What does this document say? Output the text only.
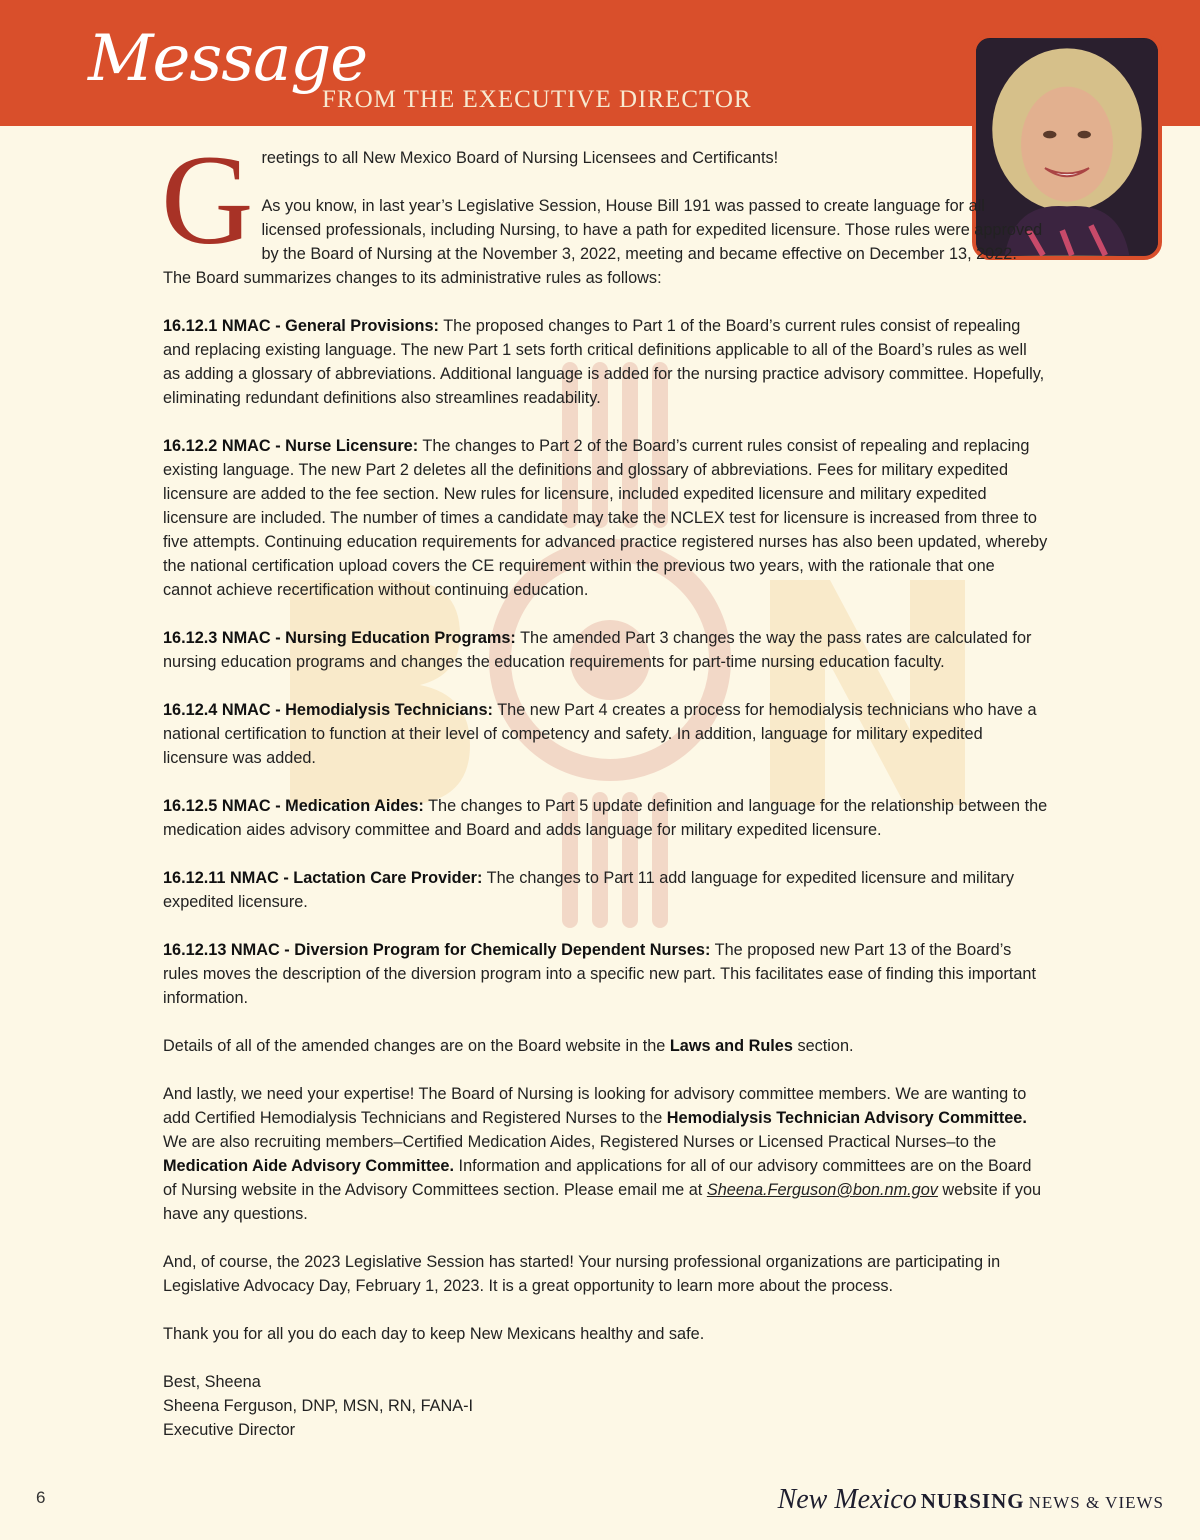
Message
FROM THE EXECUTIVE DIRECTOR
G reetings to all New Mexico Board of Nursing Licensees and Certificants!

As you know, in last year’s Legislative Session, House Bill 191 was passed to create language for all licensed professionals, including Nursing, to have a path for expedited licensure. Those rules were approved by the Board of Nursing at the November 3, 2022, meeting and became effective on December 13, 2022. The Board summarizes changes to its administrative rules as follows:

16.12.1 NMAC - General Provisions: The proposed changes to Part 1 of the Board’s current rules consist of repealing and replacing existing language. The new Part 1 sets forth critical definitions applicable to all of the Board’s rules as well as adding a glossary of abbreviations. Additional language is added for the nursing practice advisory committee. Hopefully, eliminating redundant definitions also streamlines readability.

16.12.2 NMAC - Nurse Licensure: The changes to Part 2 of the Board’s current rules consist of repealing and replacing existing language. The new Part 2 deletes all the definitions and glossary of abbreviations. Fees for military expedited licensure are added to the fee section. New rules for licensure, included expedited licensure and military expedited licensure are included. The number of times a candidate may take the NCLEX test for licensure is increased from three to five attempts. Continuing education requirements for advanced practice registered nurses has also been updated, whereby the national certification upload covers the CE requirement within the previous two years, with the rationale that one cannot achieve recertification without continuing education.

16.12.3 NMAC - Nursing Education Programs: The amended Part 3 changes the way the pass rates are calculated for nursing education programs and changes the education requirements for part-time nursing education faculty.

16.12.4 NMAC - Hemodialysis Technicians: The new Part 4 creates a process for hemodialysis technicians who have a national certification to function at their level of competency and safety. In addition, language for military expedited licensure was added.

16.12.5 NMAC - Medication Aides: The changes to Part 5 update definition and language for the relationship between the medication aides advisory committee and Board and adds language for military expedited licensure.

16.12.11 NMAC - Lactation Care Provider: The changes to Part 11 add language for expedited licensure and military expedited licensure.

16.12.13 NMAC - Diversion Program for Chemically Dependent Nurses: The proposed new Part 13 of the Board’s rules moves the description of the diversion program into a specific new part. This facilitates ease of finding this important information.

Details of all of the amended changes are on the Board website in the Laws and Rules section.

And lastly, we need your expertise! The Board of Nursing is looking for advisory committee members. We are wanting to add Certified Hemodialysis Technicians and Registered Nurses to the Hemodialysis Technician Advisory Committee. We are also recruiting members–Certified Medication Aides, Registered Nurses or Licensed Practical Nurses–to the Medication Aide Advisory Committee. Information and applications for all of our advisory committees are on the Board of Nursing website in the Advisory Committees section. Please email me at Sheena.Ferguson@bon.nm.gov website if you have any questions.

And, of course, the 2023 Legislative Session has started! Your nursing professional organizations are participating in Legislative Advocacy Day, February 1, 2023. It is a great opportunity to learn more about the process.

Thank you for all you do each day to keep New Mexicans healthy and safe.

Best, Sheena

Sheena Ferguson, DNP, MSN, RN, FANA-I

Executive Director

6	New Mexico NURSING NEWS & VIEWS
